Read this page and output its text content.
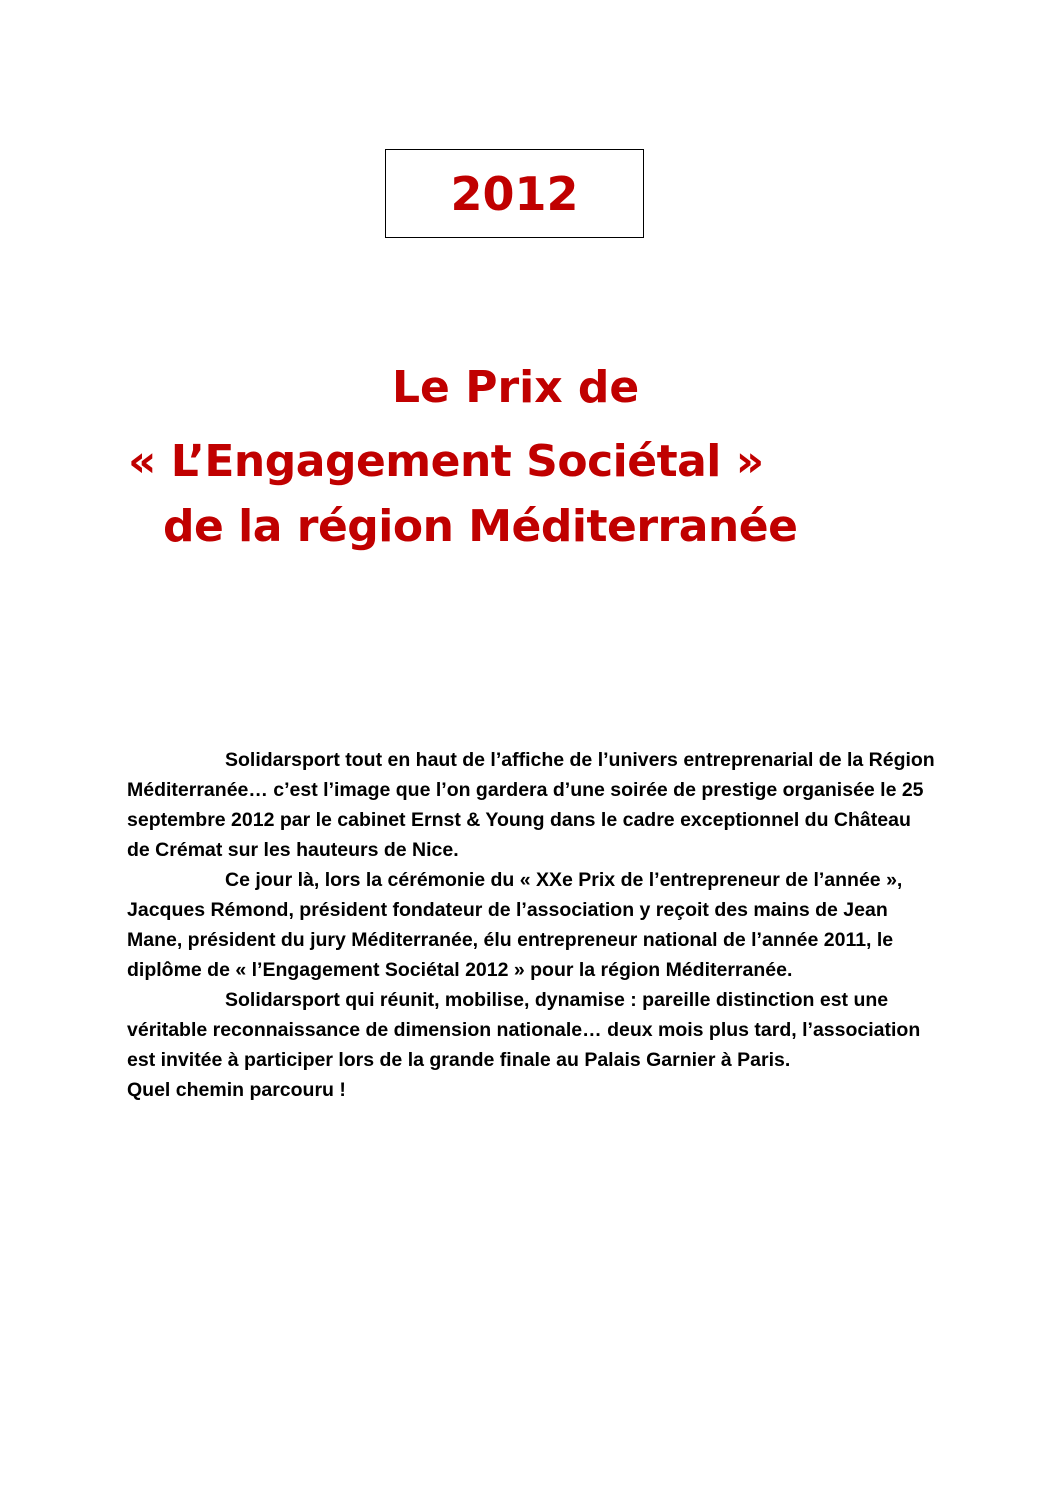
2012
Le Prix de
« L’Engagement Sociétal »
de la région Méditerranée

Solidarsport tout en haut de l’affiche de l’univers entreprenarial de la Région Méditerranée… c’est l’image que l’on gardera d’une soirée de prestige organisée le 25 septembre 2012 par le cabinet Ernst & Young dans le cadre exceptionnel du Château de Crémat sur les hauteurs de Nice.

Ce jour là, lors la cérémonie du « XXe Prix de l’entrepreneur de l’année », Jacques Rémond, président fondateur de l’association y reçoit des mains de Jean Mane, président du jury Méditerranée, élu entrepreneur national de l’année 2011, le diplôme de « l’Engagement Sociétal 2012 » pour la région Méditerranée.

Solidarsport qui réunit, mobilise, dynamise : pareille distinction est une véritable reconnaissance de dimension nationale… deux mois plus tard, l’association est invitée à participer lors de la grande finale au Palais Garnier à Paris.

Quel chemin parcouru !
